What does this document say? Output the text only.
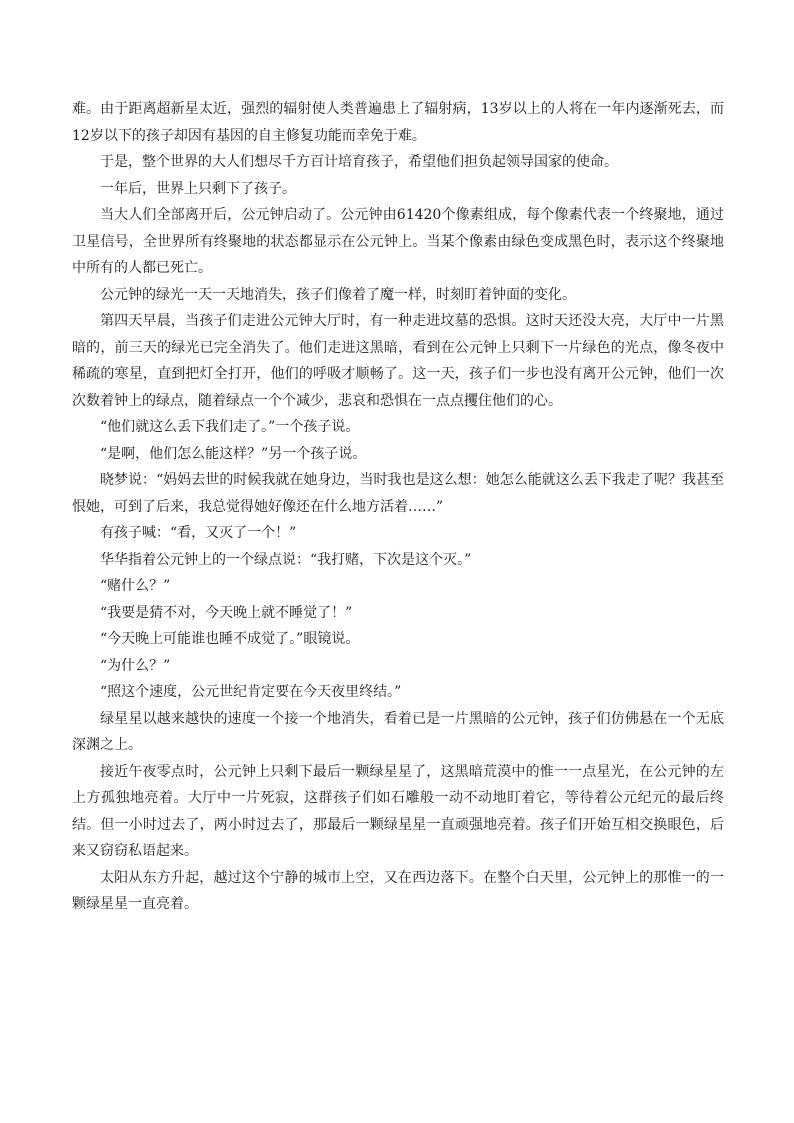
难。由于距离超新星太近，强烈的辐射使人类普遍患上了辐射病，13岁以上的人将在一年内逐渐死去，而12岁以下的孩子却因有基因的自主修复功能而幸免于难。

于是，整个世界的大人们想尽千方百计培育孩子，希望他们担负起领导国家的使命。

一年后，世界上只剩下了孩子。

当大人们全部离开后，公元钟启动了。公元钟由61420个像素组成，每个像素代表一个终聚地，通过卫星信号，全世界所有终聚地的状态都显示在公元钟上。当某个像素由绿色变成黑色时，表示这个终聚地中所有的人都已死亡。

公元钟的绿光一天一天地消失，孩子们像着了魔一样，时刻盯着钟面的变化。

第四天早晨，当孩子们走进公元钟大厅时，有一种走进坟墓的恐惧。这时天还没大亮，大厅中一片黑暗的，前三天的绿光已完全消失了。他们走进这黑暗，看到在公元钟上只剩下一片绿色的光点，像冬夜中稀疏的寒星，直到把灯全打开，他们的呼吸才顺畅了。这一天，孩子们一步也没有离开公元钟，他们一次次数着钟上的绿点，随着绿点一个个减少，悲哀和恐惧在一点点攫住他们的心。

“他们就这么丢下我们走了。”一个孩子说。

“是啊，他们怎么能这样？”另一个孩子说。

晓梦说：“妈妈去世的时候我就在她身边，当时我也是这么想：她怎么能就这么丢下我走了呢？我甚至恨她，可到了后来，我总觉得她好像还在什么地方活着……”

有孩子喊：“看，又灭了一个！”

华华指着公元钟上的一个绿点说：“我打赌，下次是这个灭。”

“赌什么？”

“我要是猜不对，今天晚上就不睡觉了！”

“今天晚上可能谁也睡不成觉了。”眼镜说。

“为什么？”

“照这个速度，公元世纪肯定要在今天夜里终结。”

绿星星以越来越快的速度一个接一个地消失，看着已是一片黑暗的公元钟，孩子们仿佛悬在一个无底深渊之上。

接近午夜零点时，公元钟上只剩下最后一颗绿星星了，这黑暗荒漠中的惟一一点星光，在公元钟的左上方孤独地亮着。大厅中一片死寂，这群孩子们如石雕般一动不动地盯着它，等待着公元纪元的最后终结。但一小时过去了，两小时过去了，那最后一颗绿星星一直顽强地亮着。孩子们开始互相交换眼色，后来又窃窃私语起来。

太阳从东方升起，越过这个宁静的城市上空，又在西边落下。在整个白天里，公元钟上的那惟一的一颗绿星星一直亮着。
